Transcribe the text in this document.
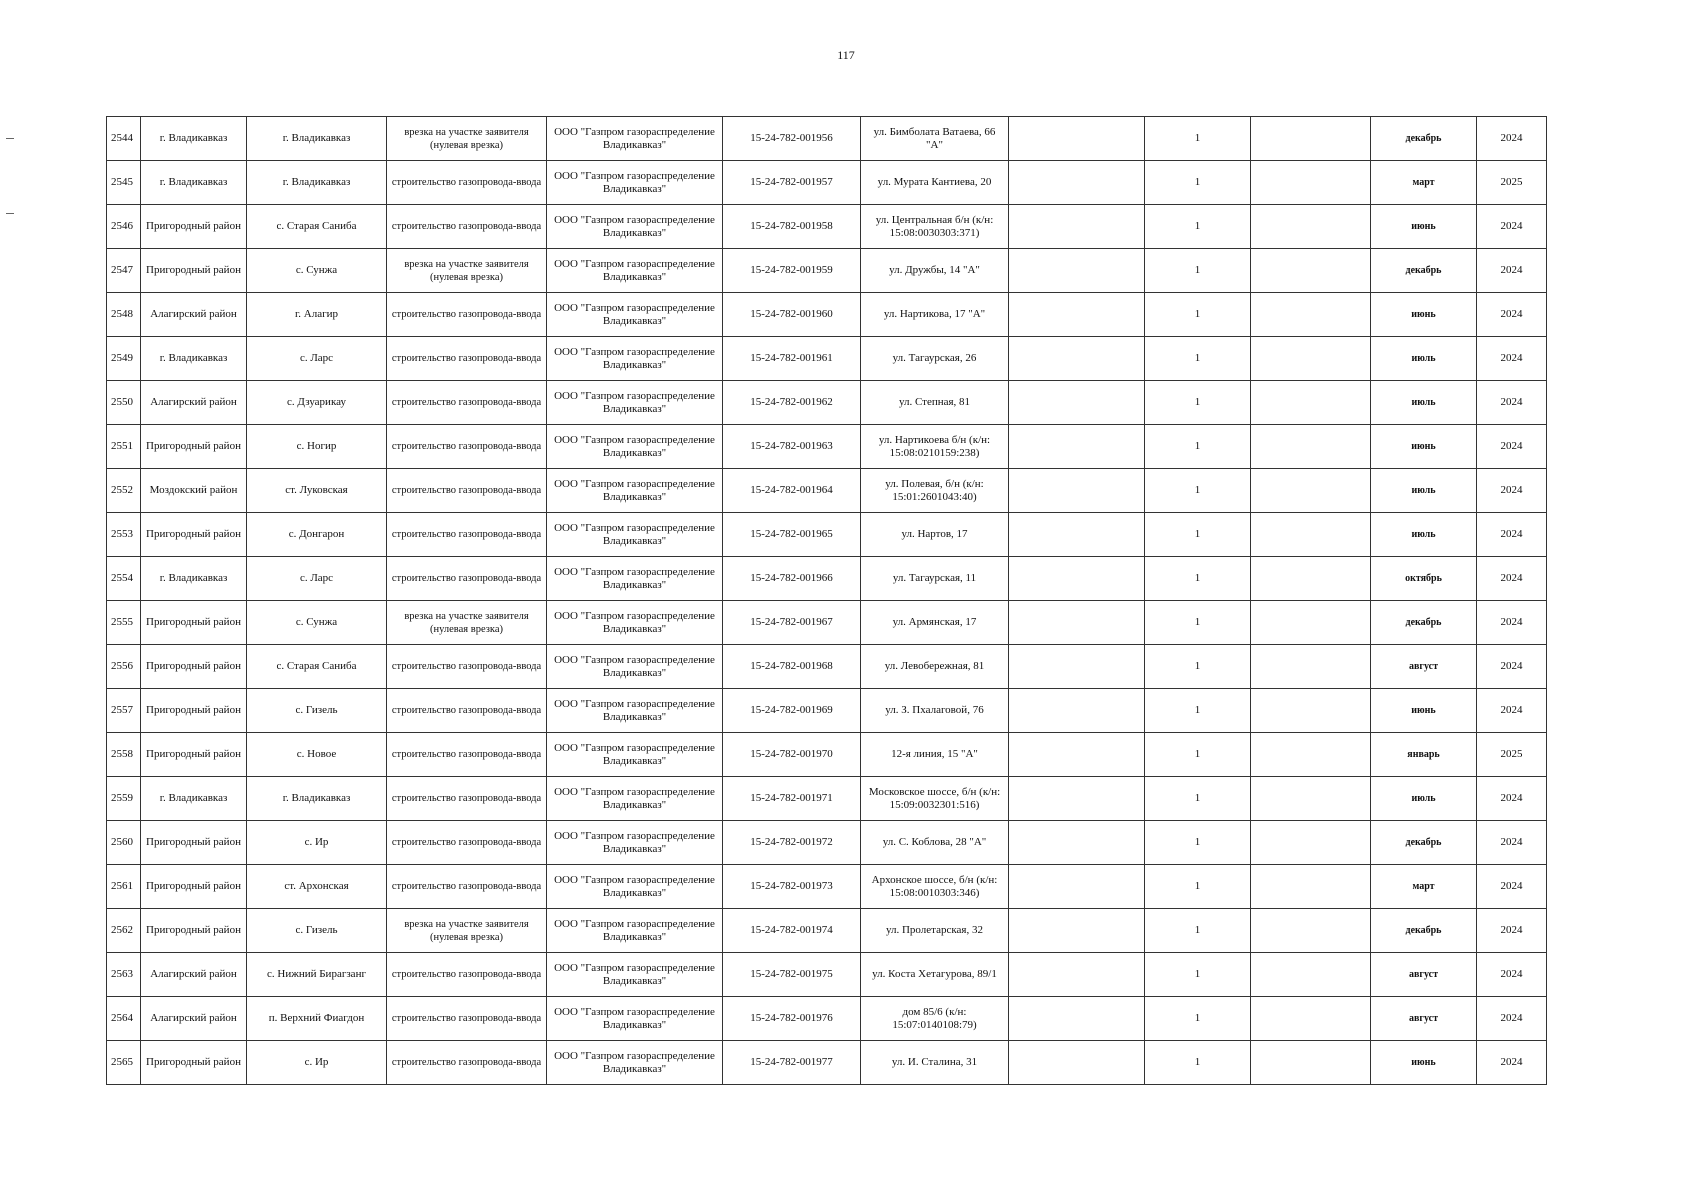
117
2544	г. Владикавказ	г. Владикавказ	врезка на участке заявителя (нулевая врезка)	ООО "Газпром газораспределение Владикавказ"	15-24-782-001956	ул. Бимболата Ватаева, 66 "А"		1		декабрь	2024
2545	г. Владикавказ	г. Владикавказ	строительство газопровода-ввода	ООО "Газпром газораспределение Владикавказ"	15-24-782-001957	ул. Мурата Кантиева, 20		1		март	2025
2546	Пригородный район	с. Старая Саниба	строительство газопровода-ввода	ООО "Газпром газораспределение Владикавказ"	15-24-782-001958	ул. Центральная б/н (к/н: 15:08:0030303:371)		1		июнь	2024
2547	Пригородный район	с. Сунжа	врезка на участке заявителя (нулевая врезка)	ООО "Газпром газораспределение Владикавказ"	15-24-782-001959	ул. Дружбы, 14 "А"		1		декабрь	2024
2548	Алагирский район	г. Алагир	строительство газопровода-ввода	ООО "Газпром газораспределение Владикавказ"	15-24-782-001960	ул. Нартикова, 17 "А"		1		июнь	2024
2549	г. Владикавказ	с. Ларс	строительство газопровода-ввода	ООО "Газпром газораспределение Владикавказ"	15-24-782-001961	ул. Тагаурская, 26		1		июль	2024
2550	Алагирский район	с. Дзуарикау	строительство газопровода-ввода	ООО "Газпром газораспределение Владикавказ"	15-24-782-001962	ул. Степная, 81		1		июль	2024
2551	Пригородный район	с. Ногир	строительство газопровода-ввода	ООО "Газпром газораспределение Владикавказ"	15-24-782-001963	ул. Нартикоева б/н (к/н: 15:08:0210159:238)		1		июнь	2024
2552	Моздокский район	ст. Луковская	строительство газопровода-ввода	ООО "Газпром газораспределение Владикавказ"	15-24-782-001964	ул. Полевая, б/н (к/н: 15:01:2601043:40)		1		июль	2024
2553	Пригородный район	с. Донгарон	строительство газопровода-ввода	ООО "Газпром газораспределение Владикавказ"	15-24-782-001965	ул. Нартов, 17		1		июль	2024
2554	г. Владикавказ	с. Ларс	строительство газопровода-ввода	ООО "Газпром газораспределение Владикавказ"	15-24-782-001966	ул. Тагаурская, 11		1		октябрь	2024
2555	Пригородный район	с. Сунжа	врезка на участке заявителя (нулевая врезка)	ООО "Газпром газораспределение Владикавказ"	15-24-782-001967	ул. Армянская, 17		1		декабрь	2024
2556	Пригородный район	с. Старая Саниба	строительство газопровода-ввода	ООО "Газпром газораспределение Владикавказ"	15-24-782-001968	ул. Левобережная, 81		1		август	2024
2557	Пригородный район	с. Гизель	строительство газопровода-ввода	ООО "Газпром газораспределение Владикавказ"	15-24-782-001969	ул. З. Пхалаговой, 76		1		июнь	2024
2558	Пригородный район	с. Новое	строительство газопровода-ввода	ООО "Газпром газораспределение Владикавказ"	15-24-782-001970	12-я линия, 15 "А"		1		январь	2025
2559	г. Владикавказ	г. Владикавказ	строительство газопровода-ввода	ООО "Газпром газораспределение Владикавказ"	15-24-782-001971	Московское шоссе, б/н (к/н: 15:09:0032301:516)		1		июль	2024
2560	Пригородный район	с. Ир	строительство газопровода-ввода	ООО "Газпром газораспределение Владикавказ"	15-24-782-001972	ул. С. Коблова, 28 "А"		1		декабрь	2024
2561	Пригородный район	ст. Архонская	строительство газопровода-ввода	ООО "Газпром газораспределение Владикавказ"	15-24-782-001973	Архонское шоссе, б/н (к/н: 15:08:0010303:346)		1		март	2024
2562	Пригородный район	с. Гизель	врезка на участке заявителя (нулевая врезка)	ООО "Газпром газораспределение Владикавказ"	15-24-782-001974	ул. Пролетарская, 32		1		декабрь	2024
2563	Алагирский район	с. Нижний Бирагзанг	строительство газопровода-ввода	ООО "Газпром газораспределение Владикавказ"	15-24-782-001975	ул. Коста Хетагурова, 89/1		1		август	2024
2564	Алагирский район	п. Верхний Фиагдон	строительство газопровода-ввода	ООО "Газпром газораспределение Владикавказ"	15-24-782-001976	дом 85/6 (к/н: 15:07:0140108:79)		1		август	2024
2565	Пригородный район	с. Ир	строительство газопровода-ввода	ООО "Газпром газораспределение Владикавказ"	15-24-782-001977	ул. И. Сталина, 31		1		июнь	2024
